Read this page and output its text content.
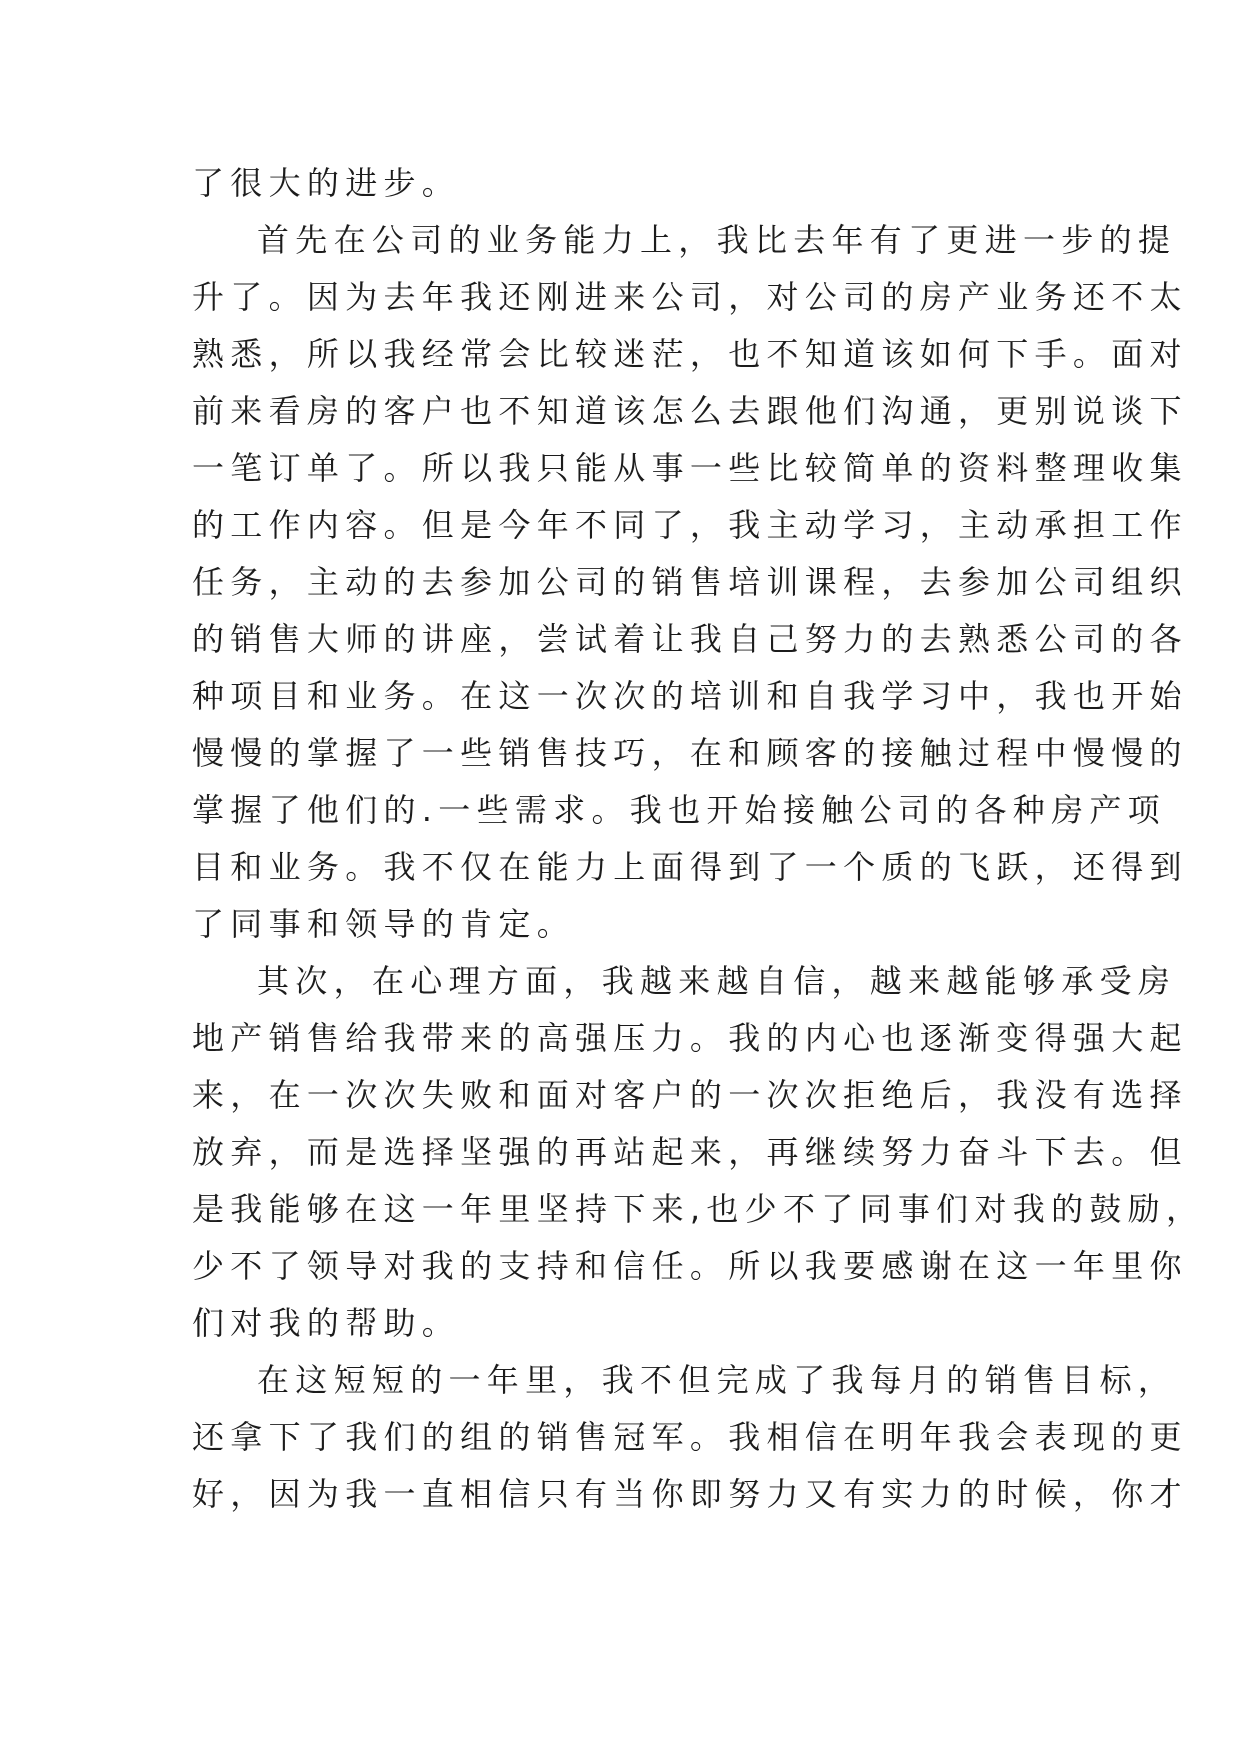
了很大的进步。
首先在公司的业务能力上，我比去年有了更进一步的提
升了。因为去年我还刚进来公司，对公司的房产业务还不太
熟悉，所以我经常会比较迷茫，也不知道该如何下手。面对
前来看房的客户也不知道该怎么去跟他们沟通，更别说谈下
一笔订单了。所以我只能从事一些比较简单的资料整理收集
的工作内容。但是今年不同了，我主动学习，主动承担工作
任务，主动的去参加公司的销售培训课程，去参加公司组织
的销售大师的讲座，尝试着让我自己努力的去熟悉公司的各
种项目和业务。在这一次次的培训和自我学习中，我也开始
慢慢的掌握了一些销售技巧，在和顾客的接触过程中慢慢的
掌握了他们的.一些需求。我也开始接触公司的各种房产项
目和业务。我不仅在能力上面得到了一个质的飞跃，还得到
了同事和领导的肯定。
其次，在心理方面，我越来越自信，越来越能够承受房
地产销售给我带来的高强压力。我的内心也逐渐变得强大起
来，在一次次失败和面对客户的一次次拒绝后，我没有选择
放弃，而是选择坚强的再站起来，再继续努力奋斗下去。但
是我能够在这一年里坚持下来,也少不了同事们对我的鼓励，
少不了领导对我的支持和信任。所以我要感谢在这一年里你
们对我的帮助。
在这短短的一年里，我不但完成了我每月的销售目标，
还拿下了我们的组的销售冠军。我相信在明年我会表现的更
好，因为我一直相信只有当你即努力又有实力的时候，你才
